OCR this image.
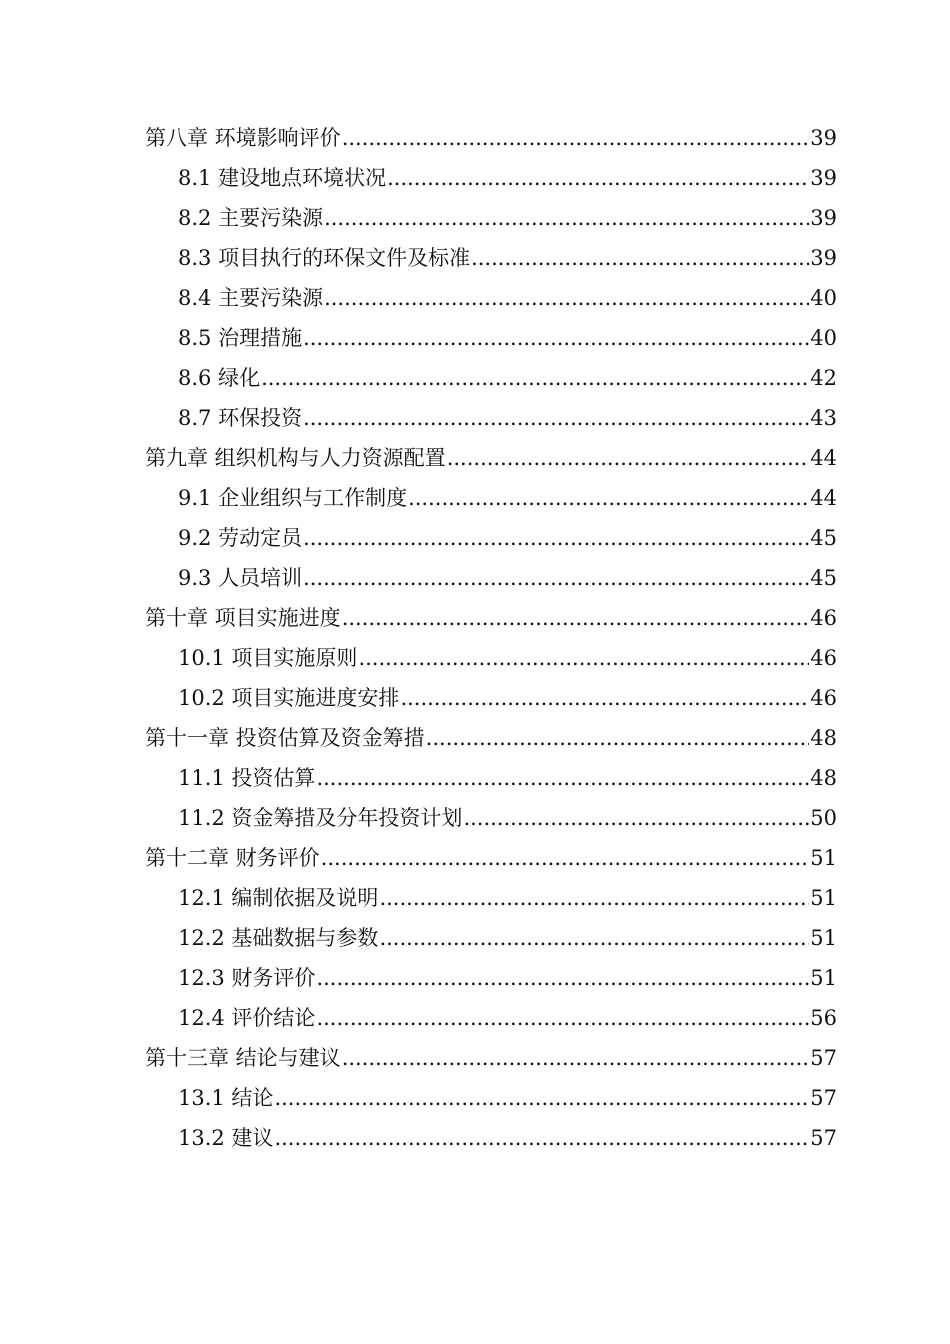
第八章 环境影响评价 .....	39
8.1 建设地点环境状况 .....	39
8.2 主要污染源 .....	39
8.3 项目执行的环保文件及标准 .....	39
8.4 主要污染源 .....	40
8.5 治理措施 .....	40
8.6 绿化 .....	42
8.7 环保投资 .....	43
第九章 组织机构与人力资源配置 .....	44
9.1 企业组织与工作制度 .....	44
9.2 劳动定员 .....	45
9.3 人员培训 .....	45
第十章 项目实施进度 .....	46
10.1 项目实施原则 .....	46
10.2 项目实施进度安排 .....	46
第十一章 投资估算及资金筹措 .....	48
11.1 投资估算 .....	48
11.2 资金筹措及分年投资计划 .....	50
第十二章 财务评价 .....	51
12.1 编制依据及说明 .....	51
12.2 基础数据与参数 .....	51
12.3 财务评价 .....	51
12.4 评价结论 .....	56
第十三章 结论与建议 .....	57
13.1 结论 .....	57
13.2 建议 .....	57
